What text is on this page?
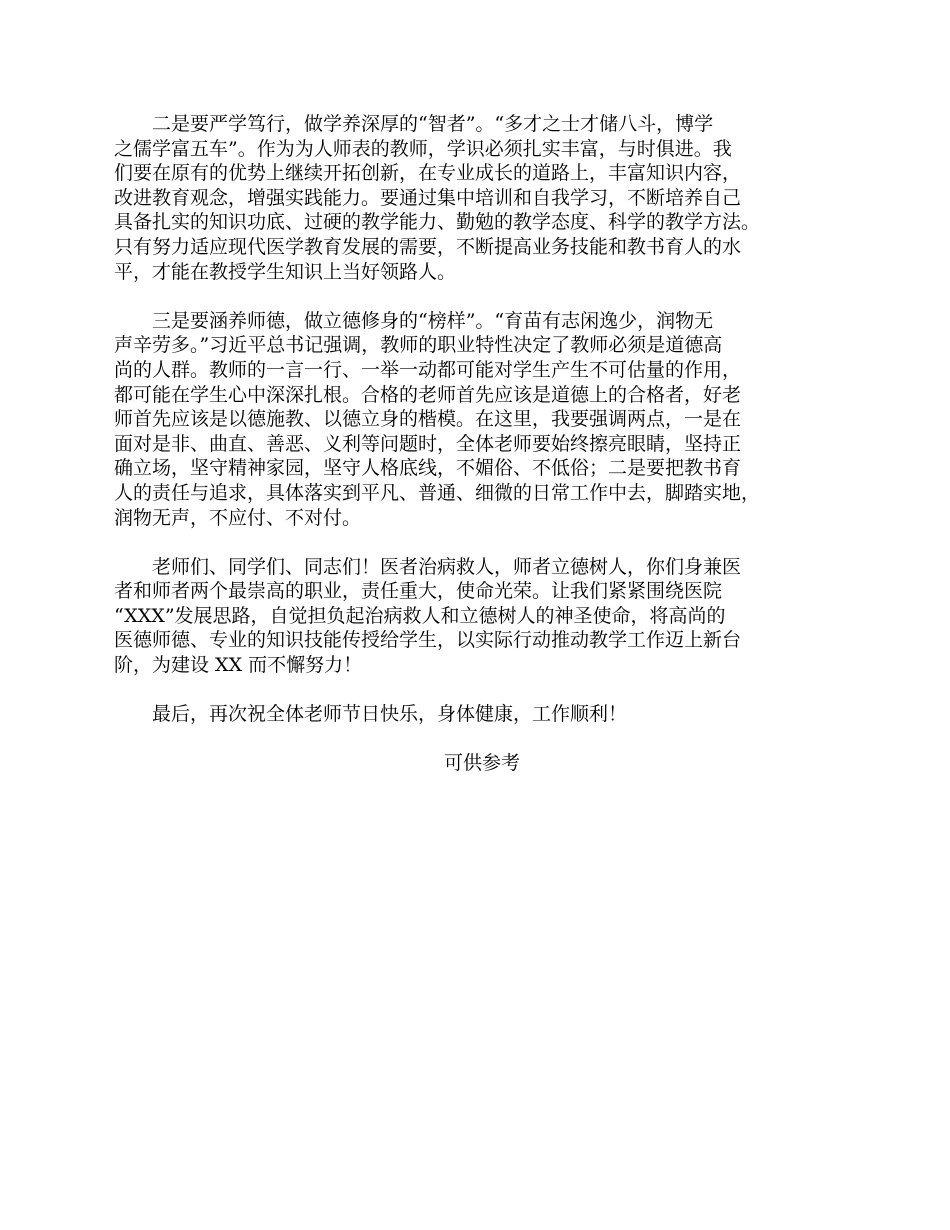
二是要严学笃行，做学养深厚的“智者”。“多才之士才储八斗，博学
之儒学富五车”。作为为人师表的教师，学识必须扎实丰富，与时俱进。我
们要在原有的优势上继续开拓创新，在专业成长的道路上，丰富知识内容，
改进教育观念，增强实践能力。要通过集中培训和自我学习，不断培养自己
具备扎实的知识功底、过硬的教学能力、勤勉的教学态度、科学的教学方法。
只有努力适应现代医学教育发展的需要，不断提高业务技能和教书育人的水
平，才能在教授学生知识上当好领路人。

三是要涵养师德，做立德修身的“榜样”。“育苗有志闲逸少，润物无
声辛劳多。”习近平总书记强调，教师的职业特性决定了教师必须是道德高
尚的人群。教师的一言一行、一举一动都可能对学生产生不可估量的作用，
都可能在学生心中深深扎根。合格的老师首先应该是道德上的合格者，好老
师首先应该是以德施教、以德立身的楷模。在这里，我要强调两点，一是在
面对是非、曲直、善恶、义利等问题时，全体老师要始终擦亮眼睛，坚持正
确立场，坚守精神家园，坚守人格底线，不媚俗、不低俗；二是要把教书育
人的责任与追求，具体落实到平凡、普通、细微的日常工作中去，脚踏实地，
润物无声，不应付、不对付。

老师们、同学们、同志们！医者治病救人，师者立德树人，你们身兼医
者和师者两个最崇高的职业，责任重大，使命光荣。让我们紧紧围绕医院
“XXX”发展思路，自觉担负起治病救人和立德树人的神圣使命，将高尚的
医德师德、专业的知识技能传授给学生，以实际行动推动教学工作迈上新台
阶，为建设 XX 而不懈努力！

最后，再次祝全体老师节日快乐，身体健康，工作顺利！

可供参考
